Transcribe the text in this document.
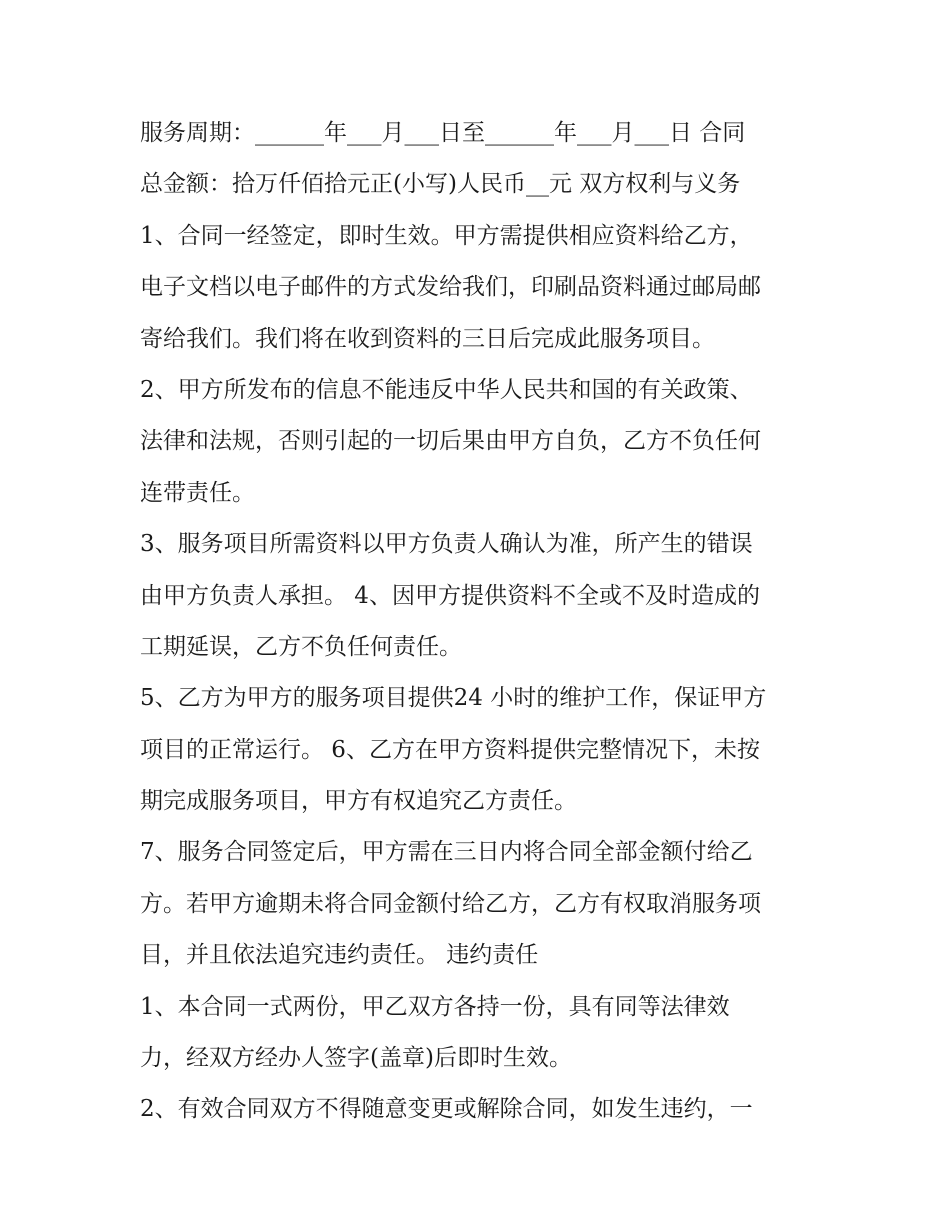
服务周期：______年___月___日至______年___月___日 合同
总金额：拾万仟佰拾元正(小写)人民币__元 双方权利与义务
1、合同一经签定，即时生效。甲方需提供相应资料给乙方，
电子文档以电子邮件的方式发给我们，印刷品资料通过邮局邮
寄给我们。我们将在收到资料的三日后完成此服务项目。
2、甲方所发布的信息不能违反中华人民共和国的有关政策、
法律和法规，否则引起的一切后果由甲方自负，乙方不负任何
连带责任。
3、服务项目所需资料以甲方负责人确认为准，所产生的错误
由甲方负责人承担。 4、因甲方提供资料不全或不及时造成的
工期延误，乙方不负任何责任。
5、乙方为甲方的服务项目提供24 小时的维护工作，保证甲方
项目的正常运行。 6、乙方在甲方资料提供完整情况下，未按
期完成服务项目，甲方有权追究乙方责任。
7、服务合同签定后，甲方需在三日内将合同全部金额付给乙
方。若甲方逾期未将合同金额付给乙方，乙方有权取消服务项
目，并且依法追究违约责任。 违约责任
1、本合同一式两份，甲乙双方各持一份，具有同等法律效
力，经双方经办人签字(盖章)后即时生效。
2、有效合同双方不得随意变更或解除合同，如发生违约，一
